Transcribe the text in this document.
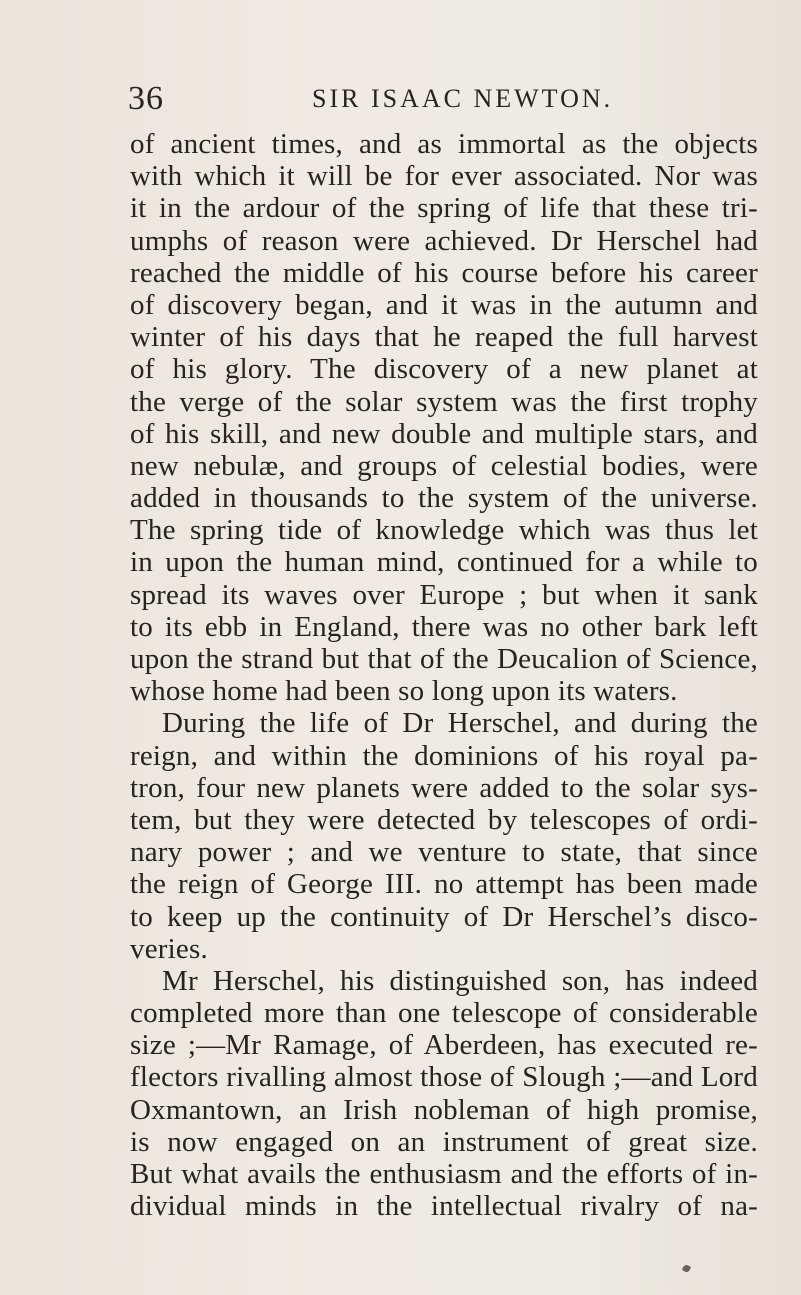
36	SIR ISAAC NEWTON.
of ancient times, and as immortal as the objects
with which it will be for ever associated. Nor was
it in the ardour of the spring of life that these tri-
umphs of reason were achieved. Dr Herschel had
reached the middle of his course before his career
of discovery began, and it was in the autumn and
winter of his days that he reaped the full harvest
of his glory. The discovery of a new planet at
the verge of the solar system was the first trophy
of his skill, and new double and multiple stars, and
new nebulæ, and groups of celestial bodies, were
added in thousands to the system of the universe.
The spring tide of knowledge which was thus let
in upon the human mind, continued for a while to
spread its waves over Europe ; but when it sank
to its ebb in England, there was no other bark left
upon the strand but that of the Deucalion of Science,
whose home had been so long upon its waters.
During the life of Dr Herschel, and during the
reign, and within the dominions of his royal pa-
tron, four new planets were added to the solar sys-
tem, but they were detected by telescopes of ordi-
nary power ; and we venture to state, that since
the reign of George III. no attempt has been made
to keep up the continuity of Dr Herschel’s disco-
veries.
Mr Herschel, his distinguished son, has indeed
completed more than one telescope of considerable
size ;—Mr Ramage, of Aberdeen, has executed re-
flectors rivalling almost those of Slough ;—and Lord
Oxmantown, an Irish nobleman of high promise,
is now engaged on an instrument of great size.
But what avails the enthusiasm and the efforts of in-
dividual minds in the intellectual rivalry of na-
